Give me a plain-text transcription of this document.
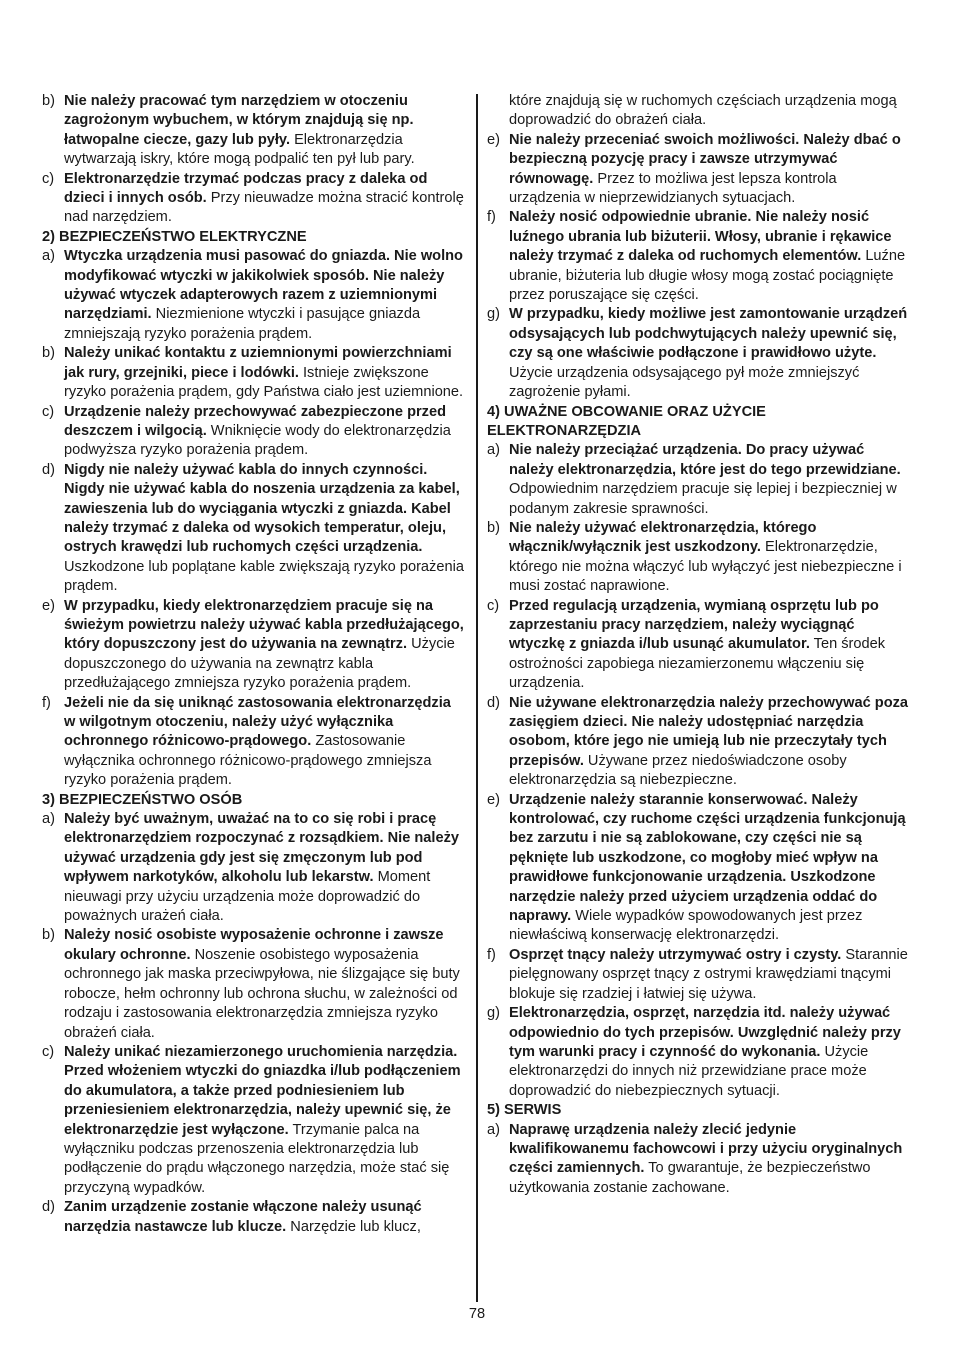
b) Nie należy pracować tym narzędziem w otoczeniu zagrożonym wybuchem, w którym znajdują się np. łatwopalne ciecze, gazy lub pyły. Elektronarzędzia wytwarzają iskry, które mogą podpalić ten pył lub pary.
c) Elektronarzędzie trzymać podczas pracy z daleka od dzieci i innych osób. Przy nieuwadze można stracić kontrolę nad narzędziem.
2) BEZPIECZEŃSTWO ELEKTRYCZNE
a) Wtyczka urządzenia musi pasować do gniazda. Nie wolno modyfikować wtyczki w jakikolwiek sposób. Nie należy używać wtyczek adapterowych razem z uziemnionymi narzędziami. Niezmienione wtyczki i pasujące gniazda zmniejszają ryzyko porażenia prądem.
b) Należy unikać kontaktu z uziemnionymi powierzchniami jak rury, grzejniki, piece i lodówki. Istnieje zwiększone ryzyko porażenia prądem, gdy Państwa ciało jest uziemnione.
c) Urządzenie należy przechowywać zabezpieczone przed deszczem i wilgocią. Wniknięcie wody do elektronarzędzia podwyższa ryzyko porażenia prądem.
d) Nigdy nie należy używać kabla do innych czynności. Nigdy nie używać kabla do noszenia urządzenia za kabel, zawieszenia lub do wyciągania wtyczki z gniazda. Kabel należy trzymać z daleka od wysokich temperatur, oleju, ostrych krawędzi lub ruchomych części urządzenia. Uszkodzone lub poplątane kable zwiększają ryzyko porażenia prądem.
e) W przypadku, kiedy elektronarzędziem pracuje się na świeżym powietrzu należy używać kabla przedłużającego, który dopuszczony jest do używania na zewnątrz. Użycie dopuszczonego do używania na zewnątrz kabla przedłużającego zmniejsza ryzyko porażenia prądem.
f) Jeżeli nie da się uniknąć zastosowania elektronarzędzia w wilgotnym otoczeniu, należy użyć wyłącznika ochronnego różnicowo-prądowego. Zastosowanie wyłącznika ochronnego różnicowo-prądowego zmniejsza ryzyko porażenia prądem.
3) BEZPIECZEŃSTWO OSÓB
a) Należy być uważnym, uważać na to co się robi i pracę elektronarzędziem rozpoczynać z rozsądkiem. Nie należy używać urządzenia gdy jest się zmęczonym lub pod wpływem narkotyków, alkoholu lub lekarstw. Moment nieuwagi przy użyciu urządzenia może doprowadzić do poważnych urażeń ciała.
b) Należy nosić osobiste wyposażenie ochronne i zawsze okulary ochronne. Noszenie osobistego wyposażenia ochronnego jak maska przeciwpyłowa, nie ślizgające się buty robocze, hełm ochronny lub ochrona słuchu, w zależności od rodzaju i zastosowania elektronarzędzia zmniejsza ryzyko obrażeń ciała.
c) Należy unikać niezamierzonego uruchomienia narzędzia. Przed włożeniem wtyczki do gniazdka i/lub podłączeniem do akumulatora, a także przed podniesieniem lub przeniesieniem elektronarzędzia, należy upewnić się, że elektronarzędzie jest wyłączone. Trzymanie palca na wyłączniku podczas przenoszenia elektronarzędzia lub podłączenie do prądu włączonego narzędzia, może stać się przyczyną wypadków.
d) Zanim urządzenie zostanie włączone należy usunąć narzędzia nastawcze lub klucze. Narzędzie lub klucz,
które znajdują się w ruchomych częściach urządzenia mogą doprowadzić do obrażeń ciała.
e) Nie należy przeceniać swoich możliwości. Należy dbać o bezpieczną pozycję pracy i zawsze utrzymywać równowagę. Przez to możliwa jest lepsza kontrola urządzenia w nieprzewidzianych sytuacjach.
f) Należy nosić odpowiednie ubranie. Nie należy nosić luźnego ubrania lub biżuterii. Włosy, ubranie i rękawice należy trzymać z daleka od ruchomych elementów. Luźne ubranie, biżuteria lub długie włosy mogą zostać pociągnięte przez poruszające się części.
g) W przypadku, kiedy możliwe jest zamontowanie urządzeń odsysających lub podchwytujących należy upewnić się, czy są one właściwie podłączone i prawidłowo użyte. Użycie urządzenia odsysającego pył może zmniejszyć zagrożenie pyłami.
4) UWAŻNE OBCOWANIE ORAZ UŻYCIE ELEKTRONARZĘDZIA
a) Nie należy przeciążać urządzenia. Do pracy używać należy elektronarzędzia, które jest do tego przewidziane. Odpowiednim narzędziem pracuje się lepiej i bezpieczniej w podanym zakresie sprawności.
b) Nie należy używać elektronarzędzia, którego włącznik/wyłącznik jest uszkodzony. Elektronarzędzie, którego nie można włączyć lub wyłączyć jest niebezpieczne i musi zostać naprawione.
c) Przed regulacją urządzenia, wymianą osprzętu lub po zaprzestaniu pracy narzędziem, należy wyciągnąć wtyczkę z gniazda i/lub usunąć akumulator. Ten środek ostrożności zapobiega niezamierzonemu włączeniu się urządzenia.
d) Nie używane elektronarzędzia należy przechowywać poza zasięgiem dzieci. Nie należy udostępniać narzędzia osobom, które jego nie umieją lub nie przeczytały tych przepisów. Używane przez niedoświadczone osoby elektronarzędzia są niebezpieczne.
e) Urządzenie należy starannie konserwować. Należy kontrolować, czy ruchome części urządzenia funkcjonują bez zarzutu i nie są zablokowane, czy części nie są pęknięte lub uszkodzone, co mogłoby mieć wpływ na prawidłowe funkcjonowanie urządzenia. Uszkodzone narzędzie należy przed użyciem urządzenia oddać do naprawy. Wiele wypadków spowodowanych jest przez niewłaściwą konserwację elektronarzędzi.
f) Osprzęt tnący należy utrzymywać ostry i czysty. Starannie pielęgnowany osprzęt tnący z ostrymi krawędziami tnącymi blokuje się rzadziej i łatwiej się używa.
g) Elektronarzędzia, osprzęt, narzędzia itd. należy używać odpowiednio do tych przepisów. Uwzględnić należy przy tym warunki pracy i czynność do wykonania. Użycie elektronarzędzi do innych niż przewidziane prace może doprowadzić do niebezpiecznych sytuacji.
5) SERWIS
a) Naprawę urządzenia należy zlecić jedynie kwalifikowanemu fachowcowi i przy użyciu oryginalnych części zamiennych. To gwarantuje, że bezpieczeństwo użytkowania zostanie zachowane.
78
